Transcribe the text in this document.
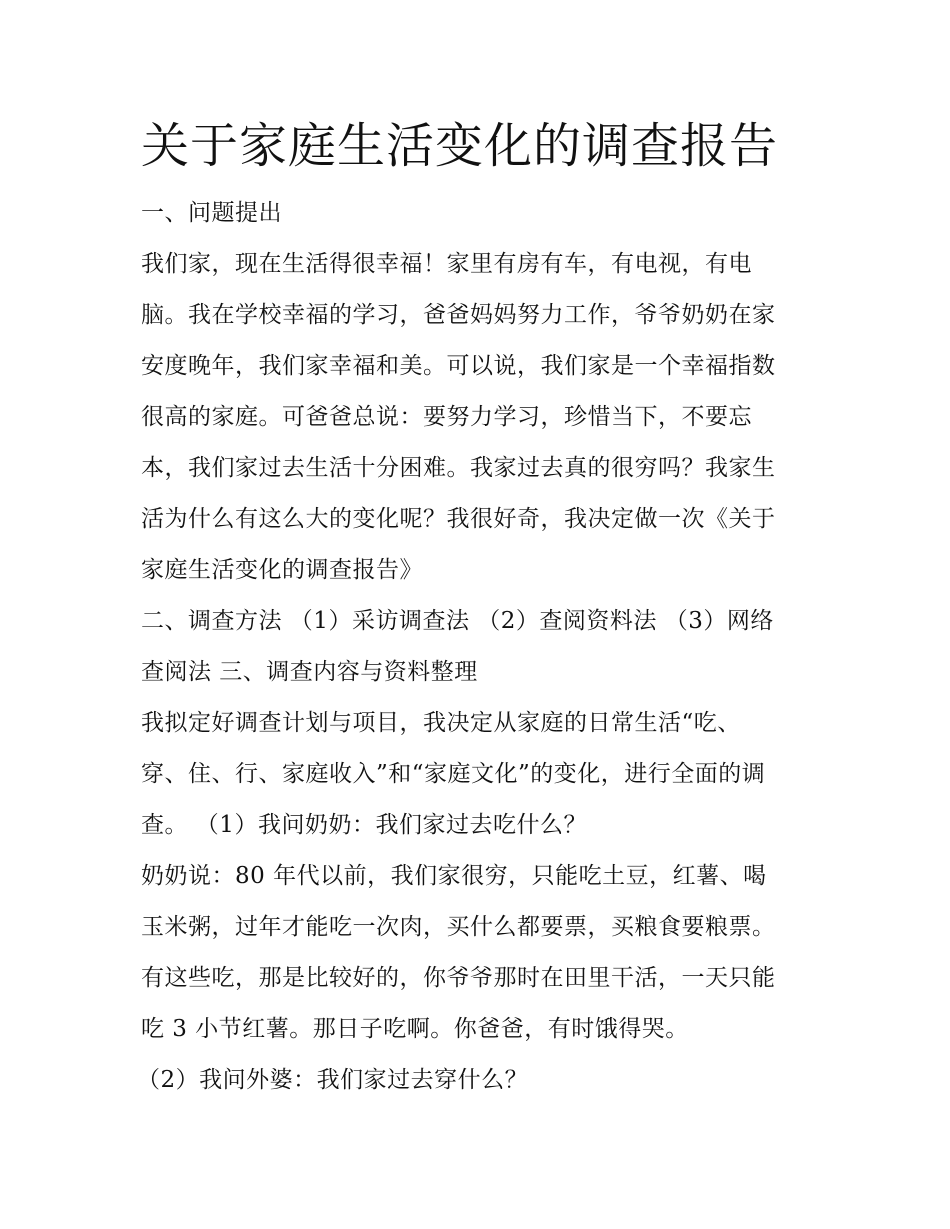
关于家庭生活变化的调查报告
一、问题提出
我们家，现在生活得很幸福！家里有房有车，有电视，有电
脑。我在学校幸福的学习，爸爸妈妈努力工作，爷爷奶奶在家
安度晚年，我们家幸福和美。可以说，我们家是一个幸福指数
很高的家庭。可爸爸总说：要努力学习，珍惜当下，不要忘
本，我们家过去生活十分困难。我家过去真的很穷吗？我家生
活为什么有这么大的变化呢？我很好奇，我决定做一次《关于
家庭生活变化的调查报告》
二、调查方法 （1）采访调查法 （2）查阅资料法 （3）网络
查阅法 三、调查内容与资料整理
我拟定好调查计划与项目，我决定从家庭的日常生活“吃、
穿、住、行、家庭收入”和“家庭文化”的变化，进行全面的调
查。 （1）我问奶奶：我们家过去吃什么？
奶奶说：80 年代以前，我们家很穷，只能吃土豆，红薯、喝
玉米粥，过年才能吃一次肉，买什么都要票，买粮食要粮票。
有这些吃，那是比较好的，你爷爷那时在田里干活，一天只能
吃 3 小节红薯。那日子吃啊。你爸爸，有时饿得哭。
（2）我问外婆：我们家过去穿什么？
